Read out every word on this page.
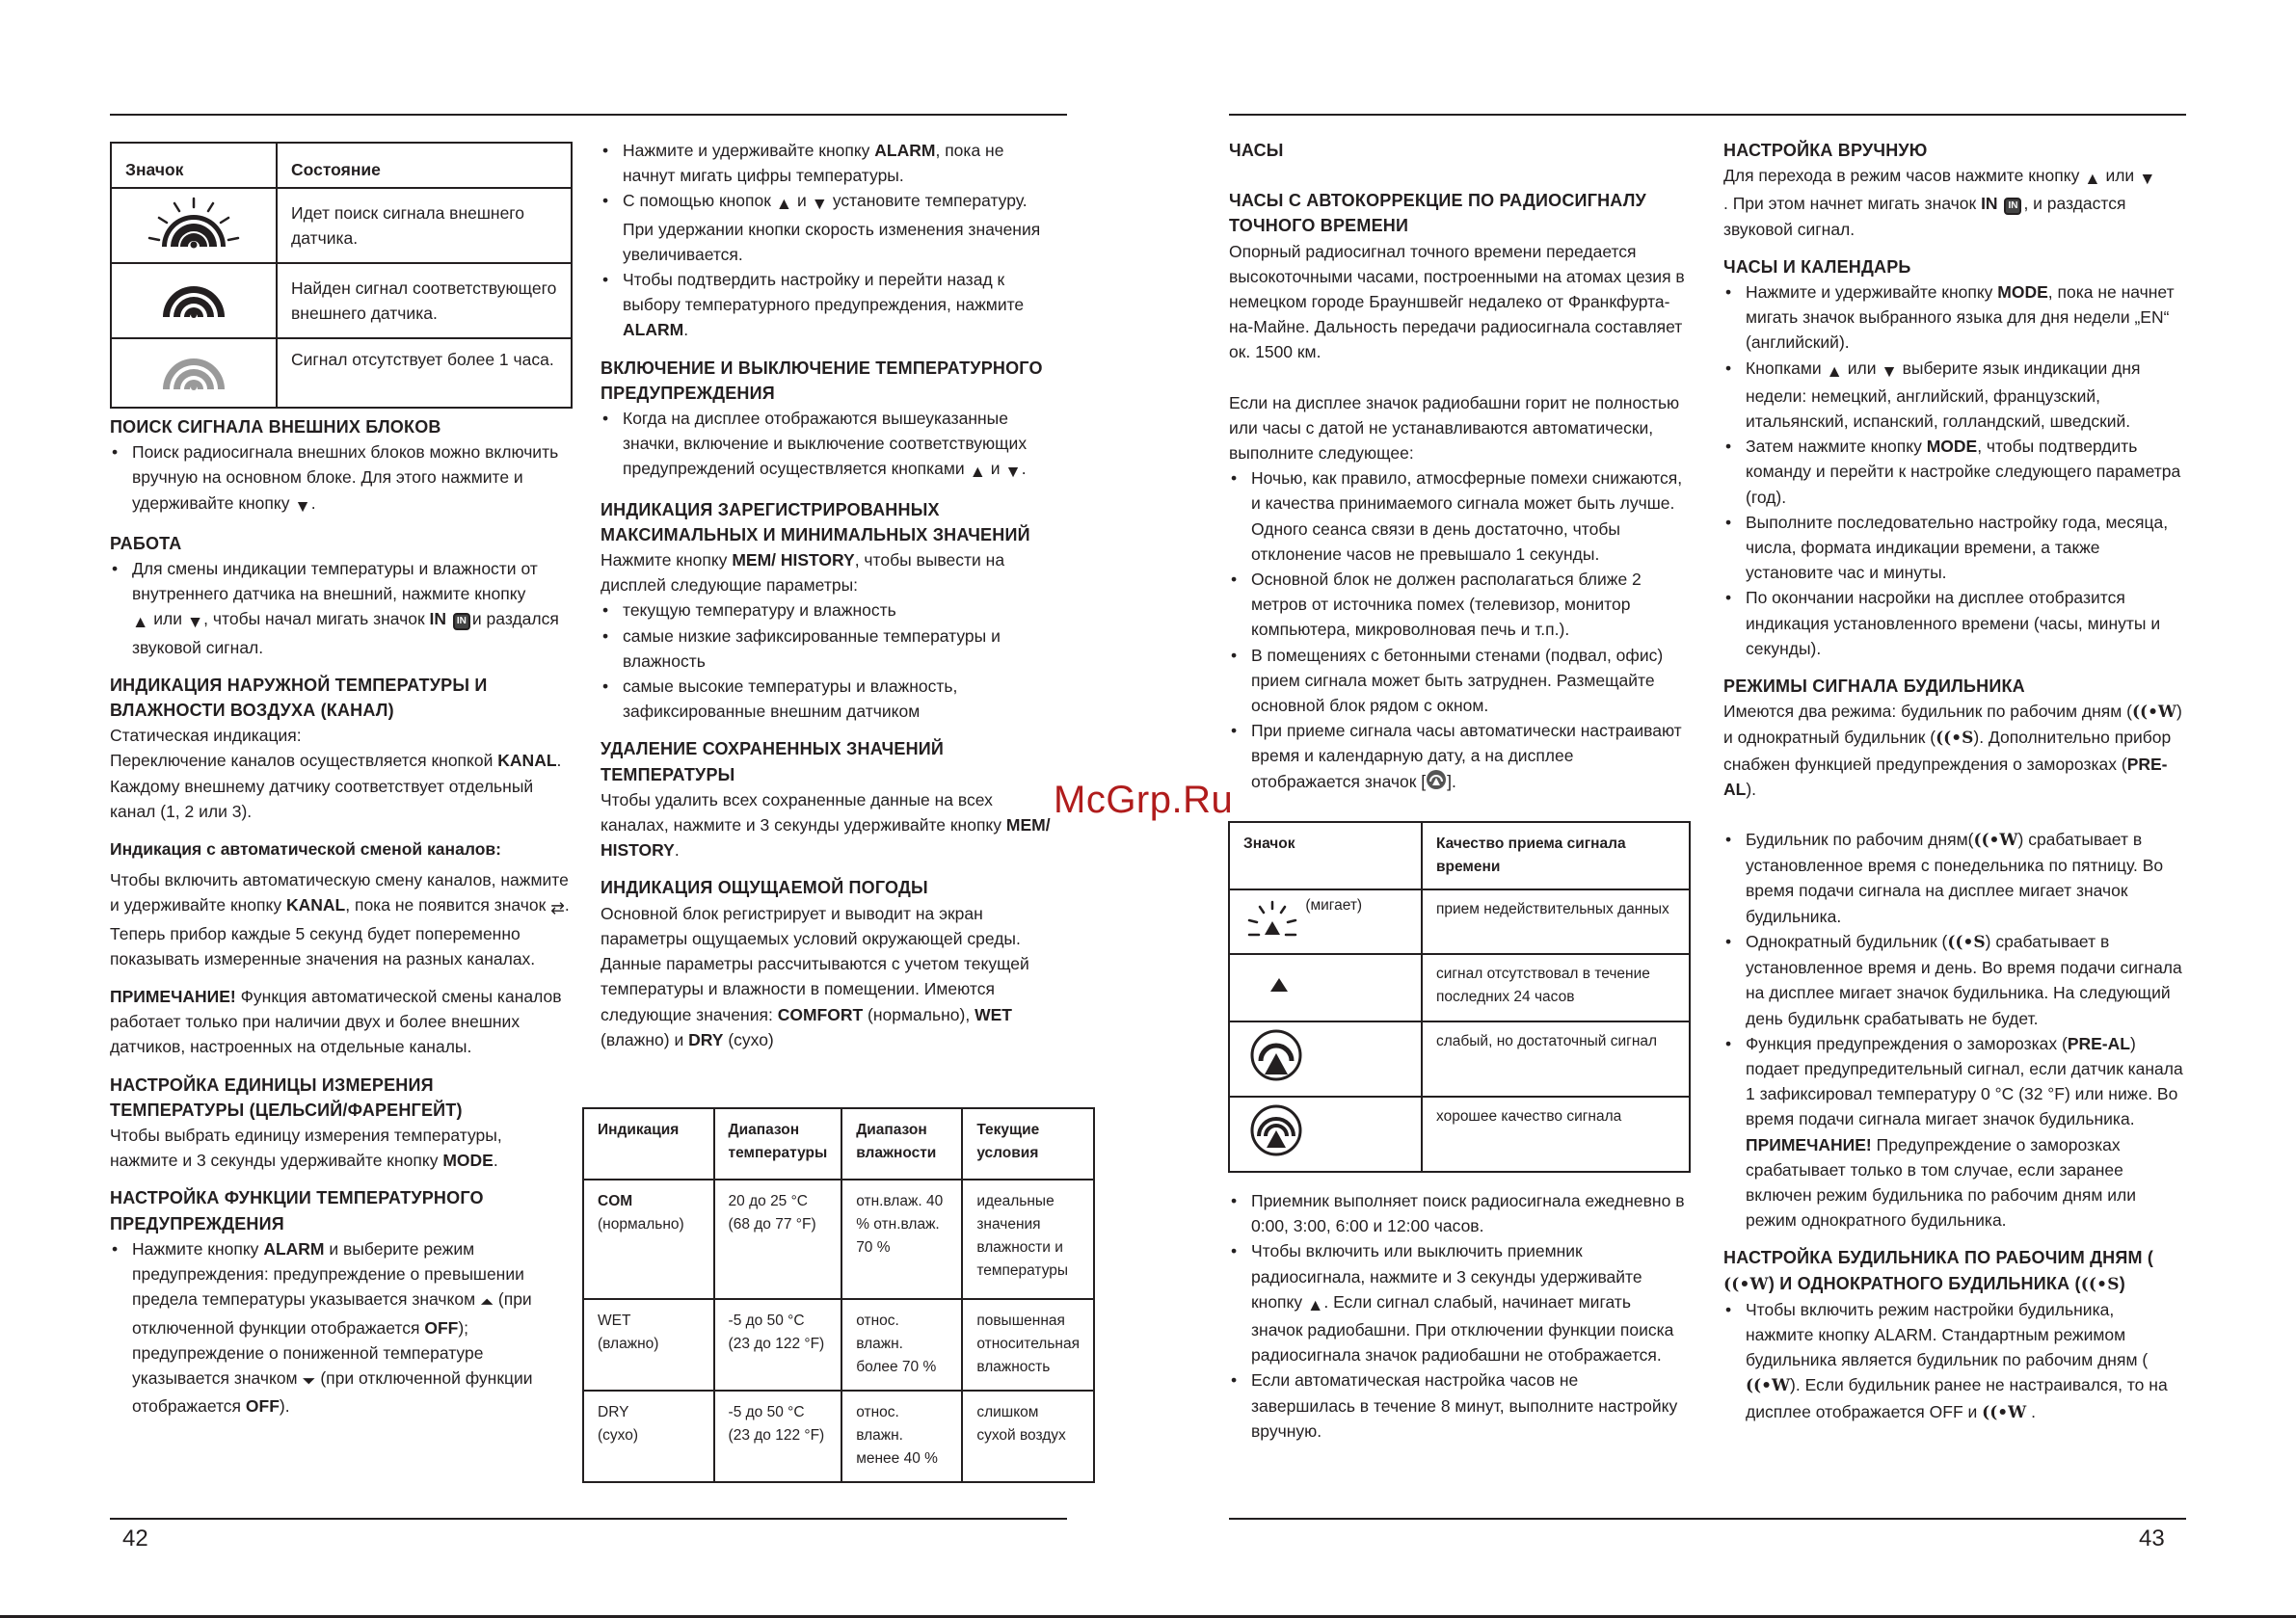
42	43
McGrp.Ru
Значок	Состояние
	Идет поиск сигнала внешнего датчика.
	Найден сигнал соответствующего внешнего датчика.
	Сигнал отсутствует более 1 часа.
ПОИСК СИГНАЛА ВНЕШНИХ БЛОКОВ
• Поиск радиосигнала внешних блоков можно включить вручную на основном блоке. Для этого нажмите и удерживайте кнопку ▼.
РАБОТА
• Для смены индикации температуры и влажности от внутреннего датчика на внешний, нажмите кнопку
▲ или ▼, чтобы начал мигать значок IN IN и раздался звуковой сигнал.
ИНДИКАЦИЯ НАРУЖНОЙ ТЕМПЕРАТУРЫ И ВЛАЖНОСТИ ВОЗДУХА (КАНАЛ)

Статическая индикация:

Переключение каналов осуществляется кнопкой KANAL.

Каждому внешнему датчику соответствует отдельный канал (1, 2 или 3).

Индикация с автоматической сменой каналов:

Чтобы включить автоматическую смену каналов, нажмите и удерживайте кнопку KANAL, пока не появится значок ⇄. Теперь прибор каждые 5 секунд будет попеременно показывать измеренные значения на разных каналах.

ПРИМЕЧАНИЕ! Функция автоматической смены каналов работает только при наличии двух и более внешних датчиков, настроенных на отдельные каналы.

НАСТРОЙКА ЕДИНИЦЫ ИЗМЕРЕНИЯ ТЕМПЕРАТУРЫ (ЦЕЛЬСИЙ/ФАРЕНГЕЙТ)

Чтобы выбрать единицу измерения температуры, нажмите и 3 секунды удерживайте кнопку MODE.

НАСТРОЙКА ФУНКЦИИ ТЕМПЕРАТУРНОГО ПРЕДУПРЕЖДЕНИЯ
• Нажмите кнопку ALARM и выберите режим предупреждения: предупреждение о превышении предела температуры указывается значком ⏶ (при отключенной функции отображается OFF); предупреждение о пониженной температуре указывается значком ⏷ (при отключенной функции отображается OFF).
• Нажмите и удерживайте кнопку ALARM, пока не начнут мигать цифры температуры.
• С помощью кнопок ▲ и ▼ установите температуру. При удержании кнопки скорость изменения значения увеличивается.
• Чтобы подтвердить настройку и перейти назад к выбору температурного предупреждения, нажмите ALARM.
ВКЛЮЧЕНИЕ И ВЫКЛЮЧЕНИЕ ТЕМПЕРАТУРНОГО ПРЕДУПРЕЖДЕНИЯ
• Когда на дисплее отображаются вышеуказанные значки, включение и выключение соответствующих предупреждений осуществляется кнопками ▲ и ▼.
ИНДИКАЦИЯ ЗАРЕГИСТРИРОВАННЫХ МАКСИМАЛЬНЫХ И МИНИМАЛЬНЫХ ЗНАЧЕНИЙ

Нажмите кнопку MEM/ HISTORY, чтобы вывести на дисплей следующие параметры:

• текущую температуру и влажность
• самые низкие зафиксированные температуры и влажность
• самые высокие температуры и влажность, зафиксированные внешним датчиком
УДАЛЕНИЕ СОХРАНЕННЫХ ЗНАЧЕНИЙ ТЕМПЕРАТУРЫ

Чтобы удалить всех сохраненные данные на всех каналах, нажмите и 3 секунды удерживайте кнопку MEM/ HISTORY.

ИНДИКАЦИЯ ОЩУЩАЕМОЙ ПОГОДЫ

Основной блок регистрирует и выводит на экран параметры ощущаемых условий окружающей среды. Данные параметры рассчитываются с учетом текущей температуры и влажности в помещении. Имеются следующие значения: COMFORT (нормально), WET (влажно) и DRY (сухо)

Индикация	Диапазон температуры	Диапазон влажности	Текущие условия
COM
(нормально)	20 до 25 °C (68 до 77 °F)	отн.влаж. 40 % отн.влаж. 70 %	идеальные значения влажности и температуры
WET
(влажно)	-5 до 50 °C (23 до 122 °F)	относ. влажн. более 70 %	повышенная относительная влажность
DRY
(сухо)	-5 до 50 °C (23 до 122 °F)	относ. влажн. менее 40 %	слишком сухой воздух
ЧАСЫ
ЧАСЫ С АВТОКОРРЕКЦИЕ ПО РАДИОСИГНАЛУ ТОЧНОГО ВРЕМЕНИ

Опорный радиосигнал точного времени передается высокоточными часами, построенными на атомах цезия в немецком городе Брауншвейг недалеко от Франкфурта-на-Майне. Дальность передачи радиосигнала составляет ок. 1500 км.

Если на дисплее значок радиобашни горит не полностью или часы с датой не устанавливаются автоматически, выполните следующее:

• Ночью, как правило, атмосферные помехи снижаются, и качества принимаемого сигнала может быть лучше. Одного сеанса связи в день достаточно, чтобы отклонение часов не превышало 1 секунды.
• Основной блок не должен располагаться ближе 2 метров от источника помех (телевизор, монитор компьютера, микроволновая печь и т.п.).
• В помещениях с бетонными стенами (подвал, офис) прием сигнала может быть затруднен. Размещайте основной блок рядом с окном.
• При приеме сигнала часы автоматически настраивают время и календарную дату, а на дисплее отображается значок [ ].
Значок	Качество приема сигнала времени
(мигает)	прием недействительных данных
	сигнал отсутствовал в течение последних 24 часов
	слабый, но достаточный сигнал
	хорошее качество сигнала
• Приемник выполняет поиск радиосигнала ежедневно в 0:00, 3:00, 6:00 и 12:00 часов.
• Чтобы включить или выключить приемник радиосигнала, нажмите и 3 секунды удерживайте кнопку ▲. Если сигнал слабый, начинает мигать значок радиобашни. При отключении функции поиска радиосигнала значок радиобашни не отображается.
• Если автоматическая настройка часов не завершилась в течение 8 минут, выполните настройку вручную.
НАСТРОЙКА ВРУЧНУЮ

Для перехода в режим часов нажмите кнопку ▲ или ▼
. При этом начнет мигать значок IN IN , и раздастся звуковой сигнал.

ЧАСЫ И КАЛЕНДАРЬ
• Нажмите и удерживайте кнопку MODE, пока не начнет мигать значок выбранного языка для дня недели „EN“ (английский).
• Кнопками ▲ или ▼ выберите язык индикации дня недели: немецкий, английский, французский, итальянский, испанский, голландский, шведский.
• Затем нажмите кнопку MODE, чтобы подтвердить команду и перейти к настройке следующего параметра (год).
• Выполните последовательно настройку года, месяца, числа, формата индикации времени, а также установите час и минуты.
• По окончании насройки на дисплее отобразится индикация установленного времени (часы, минуты и секунды).
РЕЖИМЫ СИГНАЛА БУДИЛЬНИКА

Имеются два режима: будильник по рабочим дням (((•W) и однократный будильник (((•S). Дополнительно прибор снабжен функцией предупреждения о заморозках (PRE-AL).

• Будильник по рабочим дням(((•W) срабатывает в установленное время с понедельника по пятницу. Во время подачи сигнала на дисплее мигает значок будильника.
• Однократный будильник (((•S) срабатывает в установленное время и день. Во время подачи сигнала на дисплее мигает значок будильника. На следующий день будильнк срабатывать не будет.
• Функция предупреждения о заморозках (PRE-AL) подает предупредительный сигнал, если датчик канала 1 зафиксировал температуру 0 °C (32 °F) или ниже. Во время подачи сигнала мигает значок будильника.
ПРИМЕЧАНИЕ! Предупреждение о заморозках срабатывает только в том случае, если заранее включен режим будильника по рабочим дням или режим однократного будильника.
НАСТРОЙКА БУДИЛЬНИКА ПО РАБОЧИМ ДНЯМ (((•W) И ОДНОКРАТНОГО БУДИЛЬНИКА (((•S)
• Чтобы включить режим настройки будильника, нажмите кнопку ALARM. Стандартным режимом будильника является будильник по рабочим дням (((•W). Если будильник ранее не настраивался, то на дисплее отображается OFF и ((•W .
